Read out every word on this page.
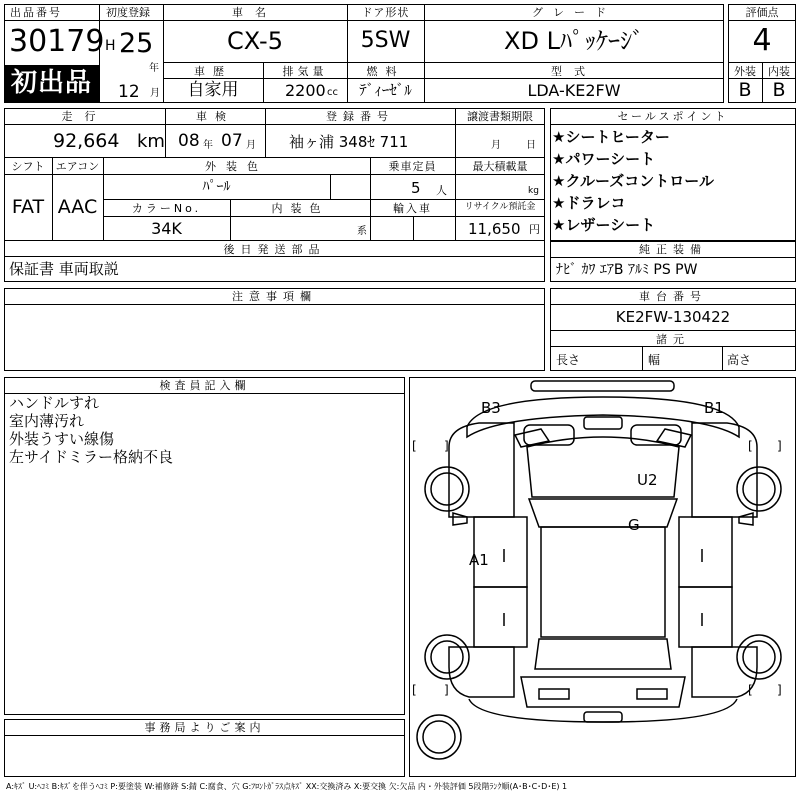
出品番号
30179
初出品
初度登録
H 25
年
12 月
車名
CX-5
ドア形状
5SW
グレード
XD Lﾊﾟｯｹｰｼﾞ
車歴
自家用
排気量
2200 cc
燃料
ﾃﾞｨｰｾﾞﾙ
型式
LDA-KE2FW
評価点
4
外装	内装
B	B
走行
92,664 km
車検
08 年 07 月
登録番号
袖ヶ浦 348ｾ 711
譲渡書類期限
月	日
シフト	エアコン
FAT AAC
外装色
ﾊﾟｰﾙ
乗車定員
5 人
最大積載量
kg
カラーNo.
34K
内装色
系
輸入車	リサイクル預託金
11,650 円
後日発送部品
保証書 車両取説
セールスポイント
★シートヒーター
★パワーシート
★クルーズコントロール
★ドラレコ
★レザーシート
純正装備
ﾅﾋﾞ ｶﾜ ｴｱB ｱﾙﾐ PS PW
注意事項欄	車台番号
KE2FW-130422
諸元
長さ	幅	高さ
検査員記入欄
ハンドルすれ
室内薄汚れ
外装うすい線傷
左サイドミラー格納不良
事務局よりご案内
B3	B1
U2
G
A1
[ ]	[ ]
[ ]	[ ]
A:ｷｽﾞ U:ﾍｺﾐ B:ｷｽﾞを伴うﾍｺﾐ P:要塗装 W:補修跡 S:錆 C:腐食、穴 G:ﾌﾛﾝﾄｶﾞﾗｽ点ｷｽﾞ XX:交換済み X:要交換 欠:欠品 内・外装評価 5段階ﾗﾝｸ順(A･B･C･D･E) 1
